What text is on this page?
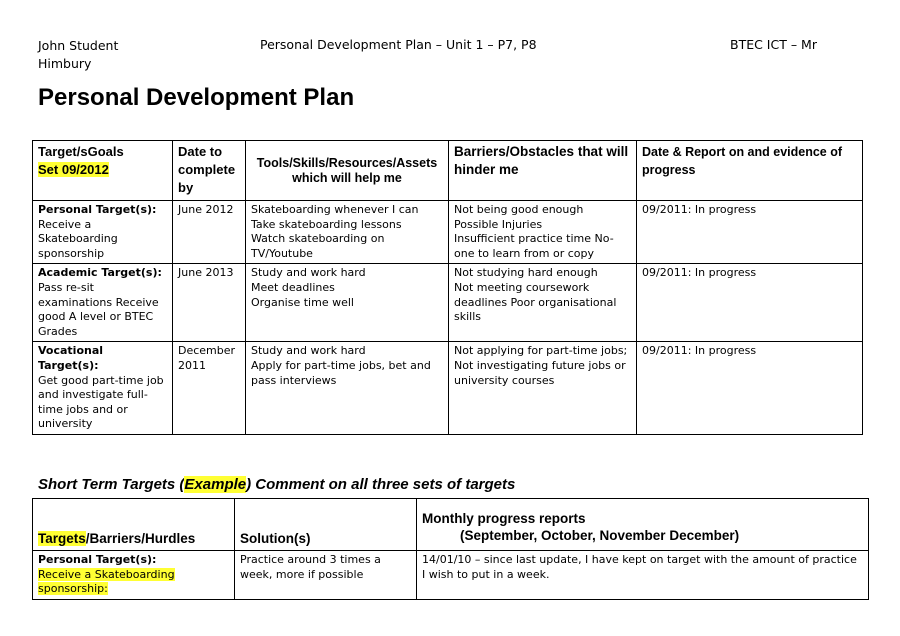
John Student
Himbury
Personal Development Plan – Unit 1 – P7, P8	BTEC ICT – Mr
Personal Development Plan
Target/sGoals
Set 09/2012	Date to complete by	Tools/Skills/Resources/Assets which will help me	Barriers/Obstacles that will hinder me	Date & Report on and evidence of progress
Personal Target(s):
Receive a Skateboarding sponsorship	June 2012	Skateboarding whenever I can
Take skateboarding lessons
Watch skateboarding on TV/Youtube	Not being good enough
Possible Injuries
Insufficient practice time No-one to learn from or copy	09/2011: In progress
Academic Target(s):
Pass re-sit examinations Receive good A level or BTEC Grades	June 2013	Study and work hard
Meet deadlines
Organise time well	Not studying hard enough
Not meeting coursework deadlines Poor organisational skills	09/2011: In progress
Vocational Target(s):
Get good part-time job and investigate full-time jobs and or university	December 2011	Study and work hard
Apply for part-time jobs, bet and pass interviews	Not applying for part-time jobs;
Not investigating future jobs or university courses	09/2011: In progress
Short Term Targets (Example) Comment on all three sets of targets
Targets/Barriers/Hurdles	Solution(s)	Monthly progress reports
(September, October, November December)

Personal Target(s):
Receive a Skateboarding sponsorship:	Practice around 3 times a week, more if possible	14/01/10 – since last update, I have kept on target with the amount of practice I wish to put in a week.
